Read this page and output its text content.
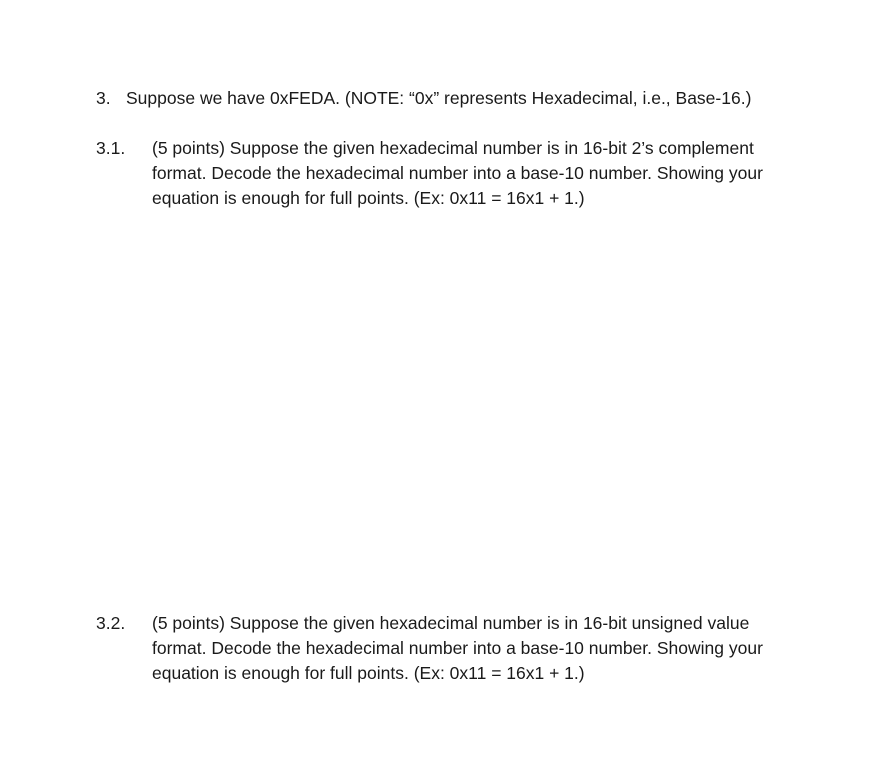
3. Suppose we have 0xFEDA. (NOTE: “0x” represents Hexadecimal, i.e., Base-16.)
3.1. (5 points) Suppose the given hexadecimal number is in 16-bit 2’s complement
format. Decode the hexadecimal number into a base-10 number. Showing your
equation is enough for full points. (Ex: 0x11 = 16x1 + 1.)
3.2. (5 points) Suppose the given hexadecimal number is in 16-bit unsigned value
format. Decode the hexadecimal number into a base-10 number. Showing your
equation is enough for full points. (Ex: 0x11 = 16x1 + 1.)
